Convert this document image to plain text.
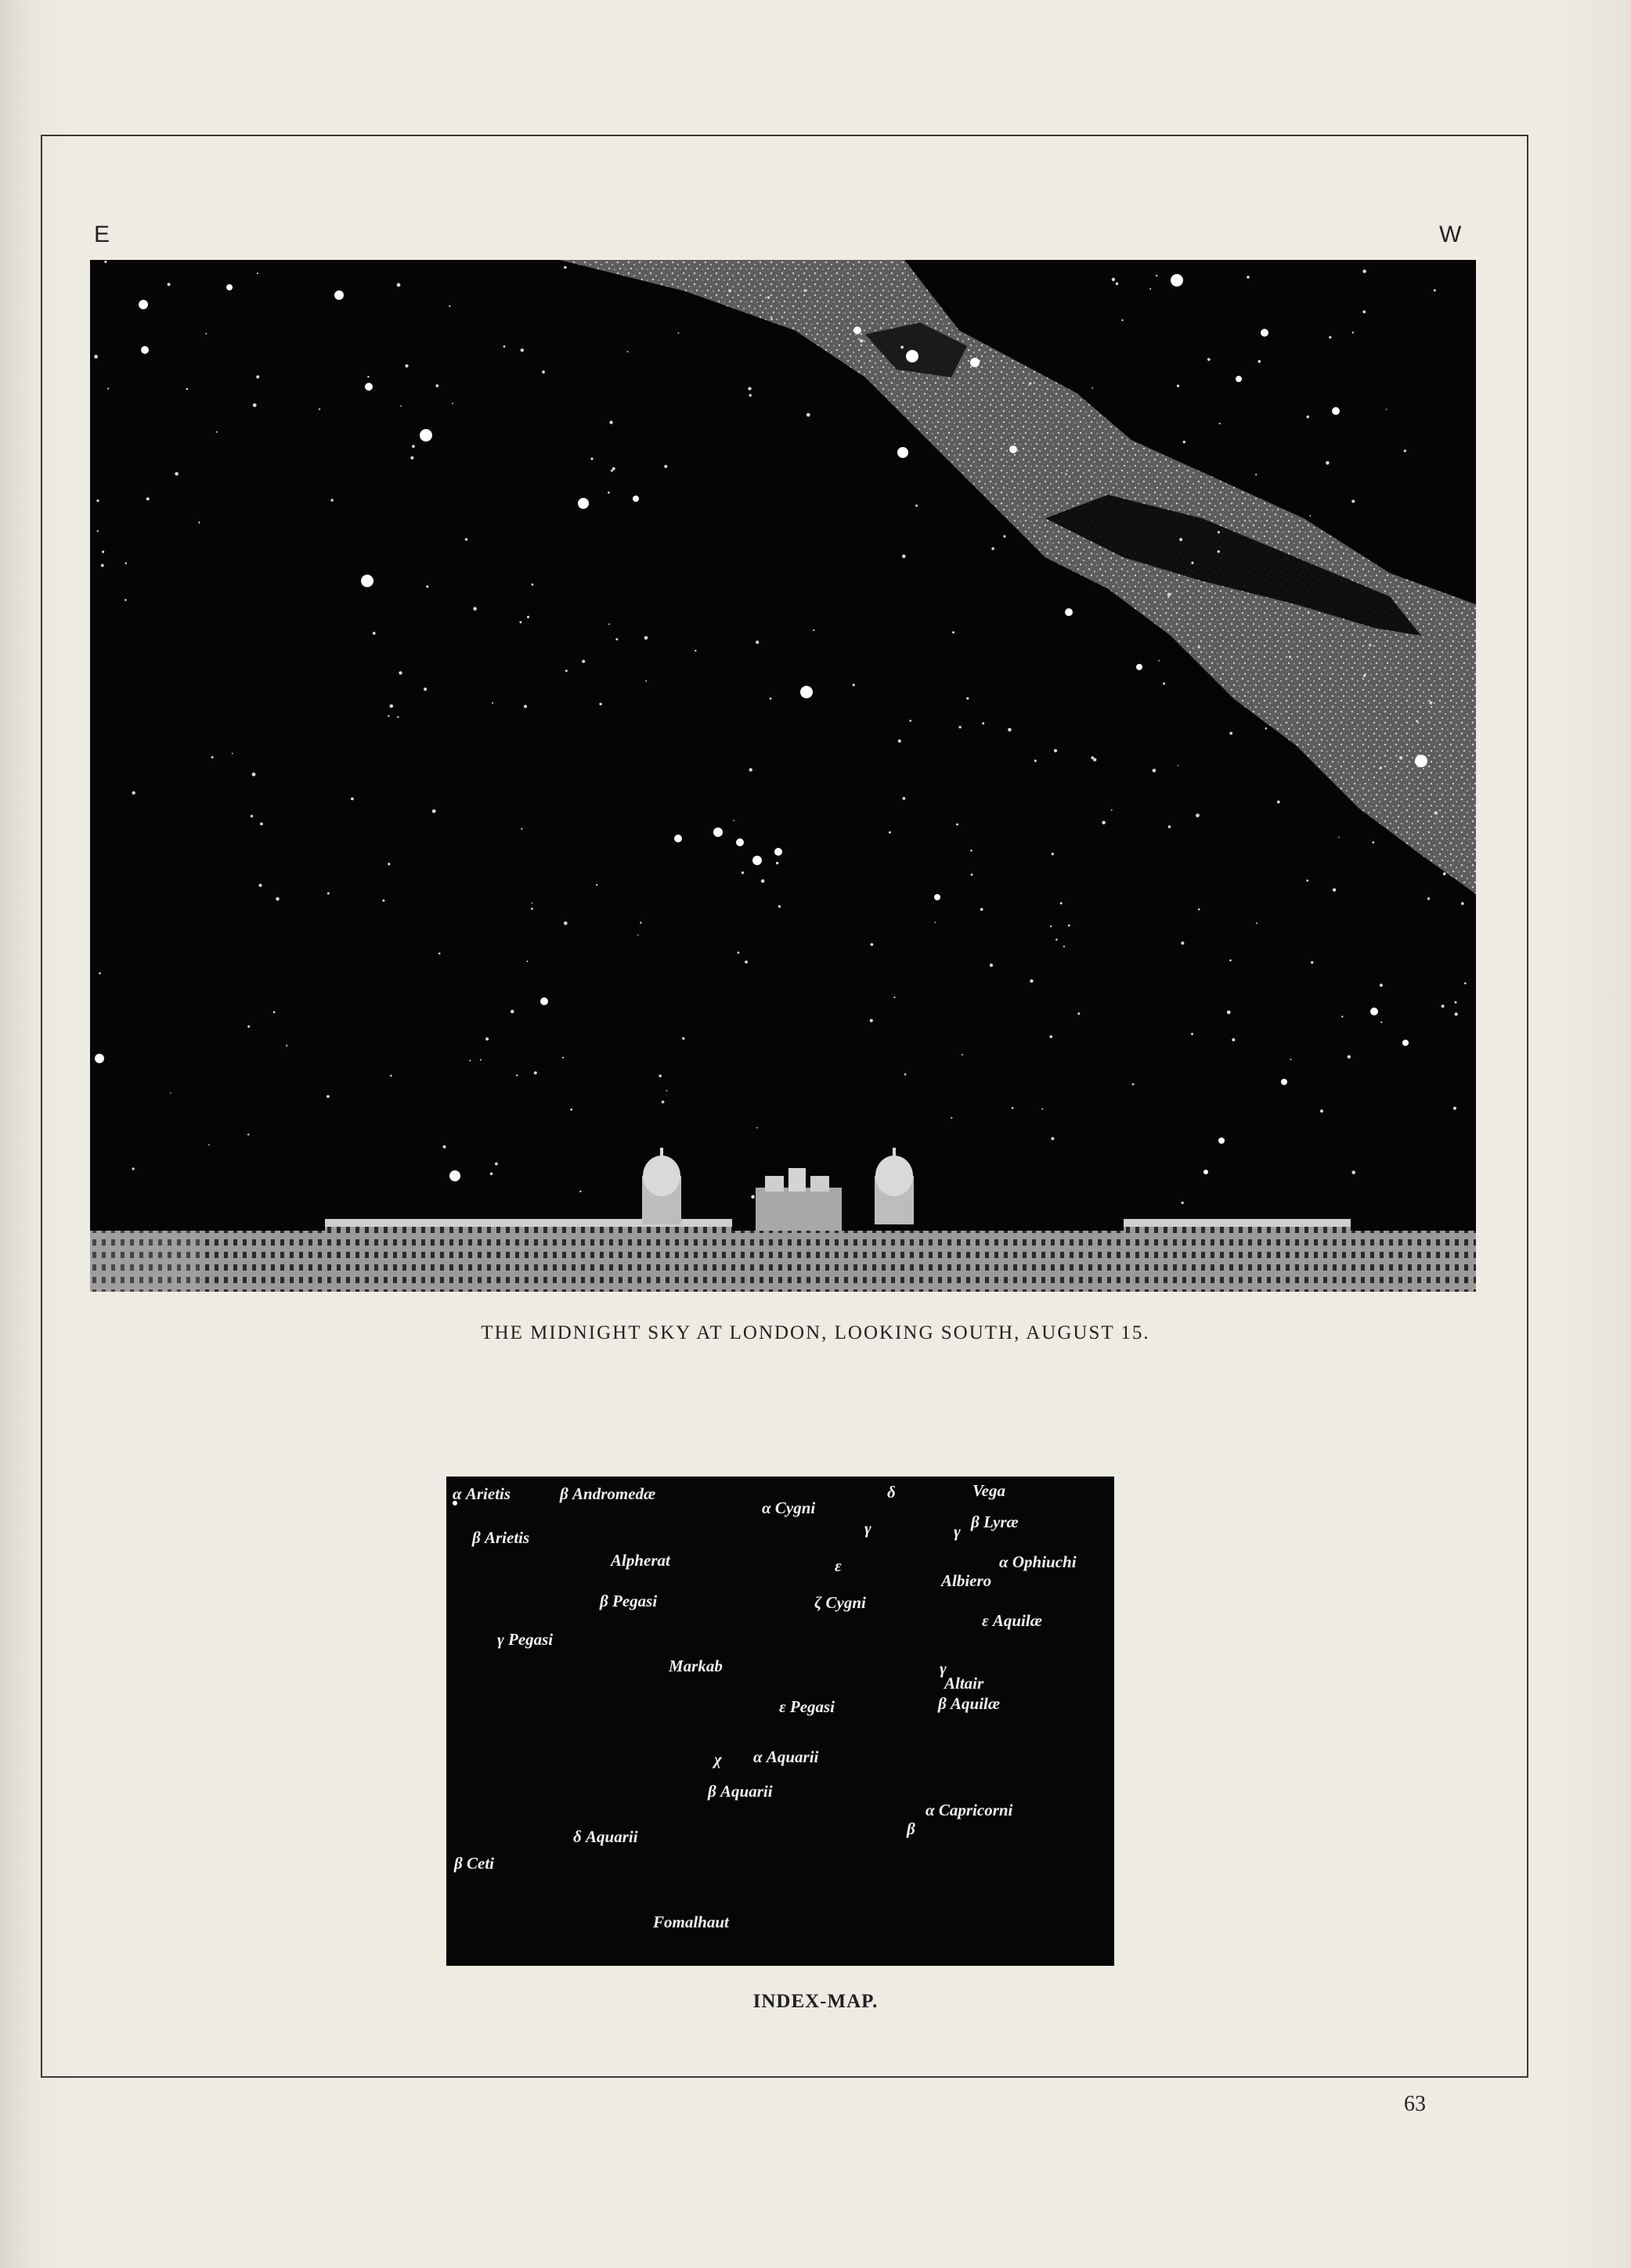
E	W
THE MIDNIGHT SKY AT LONDON, LOOKING SOUTH, AUGUST 15.
α Arietis	β Andromedæ
α Cygni
δ	Vega
β Arietis	γ	γ β Lyræ
Alpherat	ε	α Ophiuchi
Albiero
β Pegasi	ζ Cygni
ε Aquilæ
γ Pegasi
Markab	γ
Altair
ε Pegasi	β Aquilæ
χ α Aquarii
β Aquarii
α Capricorni
β
δ Aquarii
β Ceti
Fomalhaut
INDEX-MAP.
63
